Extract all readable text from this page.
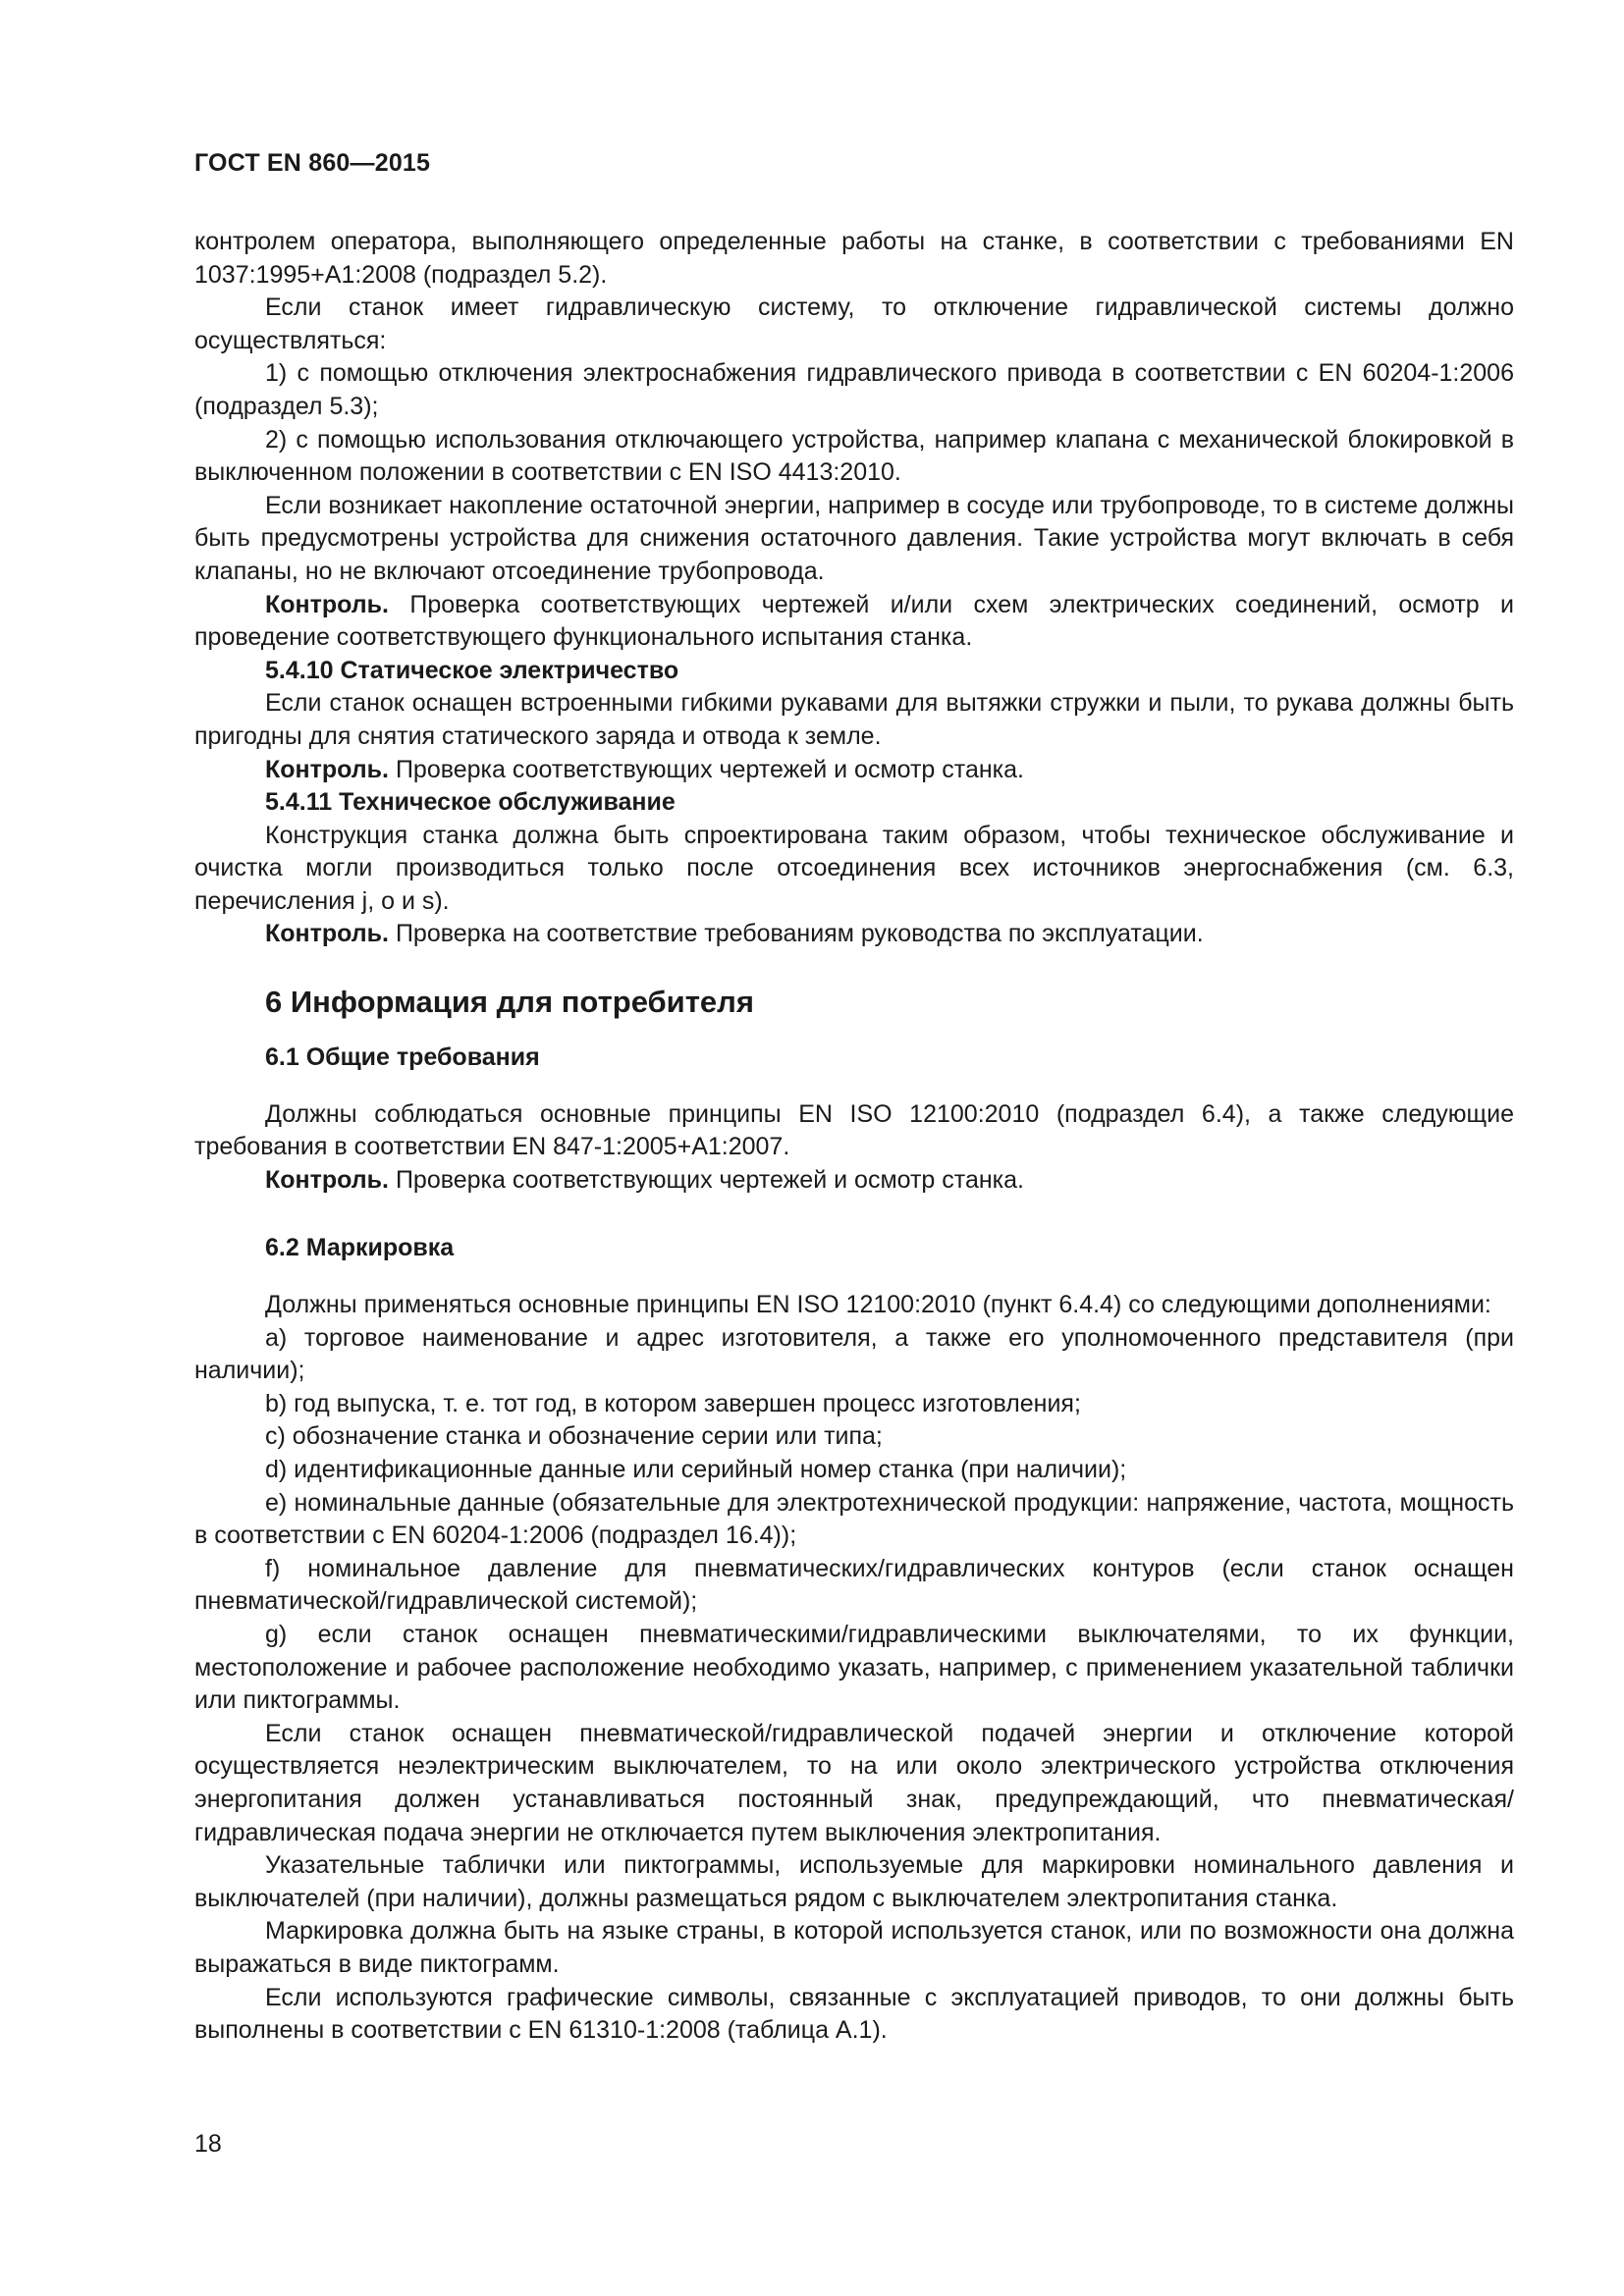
ГОСТ EN 860—2015

контролем оператора, выполняющего определенные работы на станке, в соответствии с требованиями EN 1037:1995+A1:2008 (подраздел 5.2).

Если станок имеет гидравлическую систему, то отключение гидравлической системы должно осуществляться:

1) с помощью отключения электроснабжения гидравлического привода в соответствии с EN 60204-1:2006 (подраздел 5.3);

2) с помощью использования отключающего устройства, например клапана с механической блокировкой в выключенном положении в соответствии с EN ISO 4413:2010.

Если возникает накопление остаточной энергии, например в сосуде или трубопроводе, то в системе должны быть предусмотрены устройства для снижения остаточного давления. Такие устройства могут включать в себя клапаны, но не включают отсоединение трубопровода.

Контроль. Проверка соответствующих чертежей и/или схем электрических соединений, осмотр и проведение соответствующего функционального испытания станка.

5.4.10 Статическое электричество

Если станок оснащен встроенными гибкими рукавами для вытяжки стружки и пыли, то рукава должны быть пригодны для снятия статического заряда и отвода к земле.

Контроль. Проверка соответствующих чертежей и осмотр станка.

5.4.11 Техническое обслуживание

Конструкция станка должна быть спроектирована таким образом, чтобы техническое обслуживание и очистка могли производиться только после отсоединения всех источников энергоснабжения (см. 6.3, перечисления j, o и s).

Контроль. Проверка на соответствие требованиям руководства по эксплуатации.

6 Информация для потребителя
6.1 Общие требования

Должны соблюдаться основные принципы EN ISO 12100:2010 (подраздел 6.4), а также следующие требования в соответствии EN 847-1:2005+A1:2007.

Контроль. Проверка соответствующих чертежей и осмотр станка.

6.2 Маркировка

Должны применяться основные принципы EN ISO 12100:2010 (пункт 6.4.4) со следующими дополнениями:

a) торговое наименование и адрес изготовителя, а также его уполномоченного представителя (при наличии);

b) год выпуска, т. е. тот год, в котором завершен процесс изготовления;

c) обозначение станка и обозначение серии или типа;

d) идентификационные данные или серийный номер станка (при наличии);

e) номинальные данные (обязательные для электротехнической продукции: напряжение, частота, мощность в соответствии с EN 60204-1:2006 (подраздел 16.4));

f) номинальное давление для пневматических/гидравлических контуров (если станок оснащен пневматической/гидравлической системой);

g) если станок оснащен пневматическими/гидравлическими выключателями, то их функции, местоположение и рабочее расположение необходимо указать, например, с применением указательной таблички или пиктограммы.

Если станок оснащен пневматической/гидравлической подачей энергии и отключение которой осуществляется неэлектрическим выключателем, то на или около электрического устройства отключения энергопитания должен устанавливаться постоянный знак, предупреждающий, что пневматическая/гидравлическая подача энергии не отключается путем выключения электропитания.

Указательные таблички или пиктограммы, используемые для маркировки номинального давления и выключателей (при наличии), должны размещаться рядом с выключателем электропитания станка.

Маркировка должна быть на языке страны, в которой используется станок, или по возможности она должна выражаться в виде пиктограмм.

Если используются графические символы, связанные с эксплуатацией приводов, то они должны быть выполнены в соответствии с EN 61310-1:2008 (таблица А.1).

18
